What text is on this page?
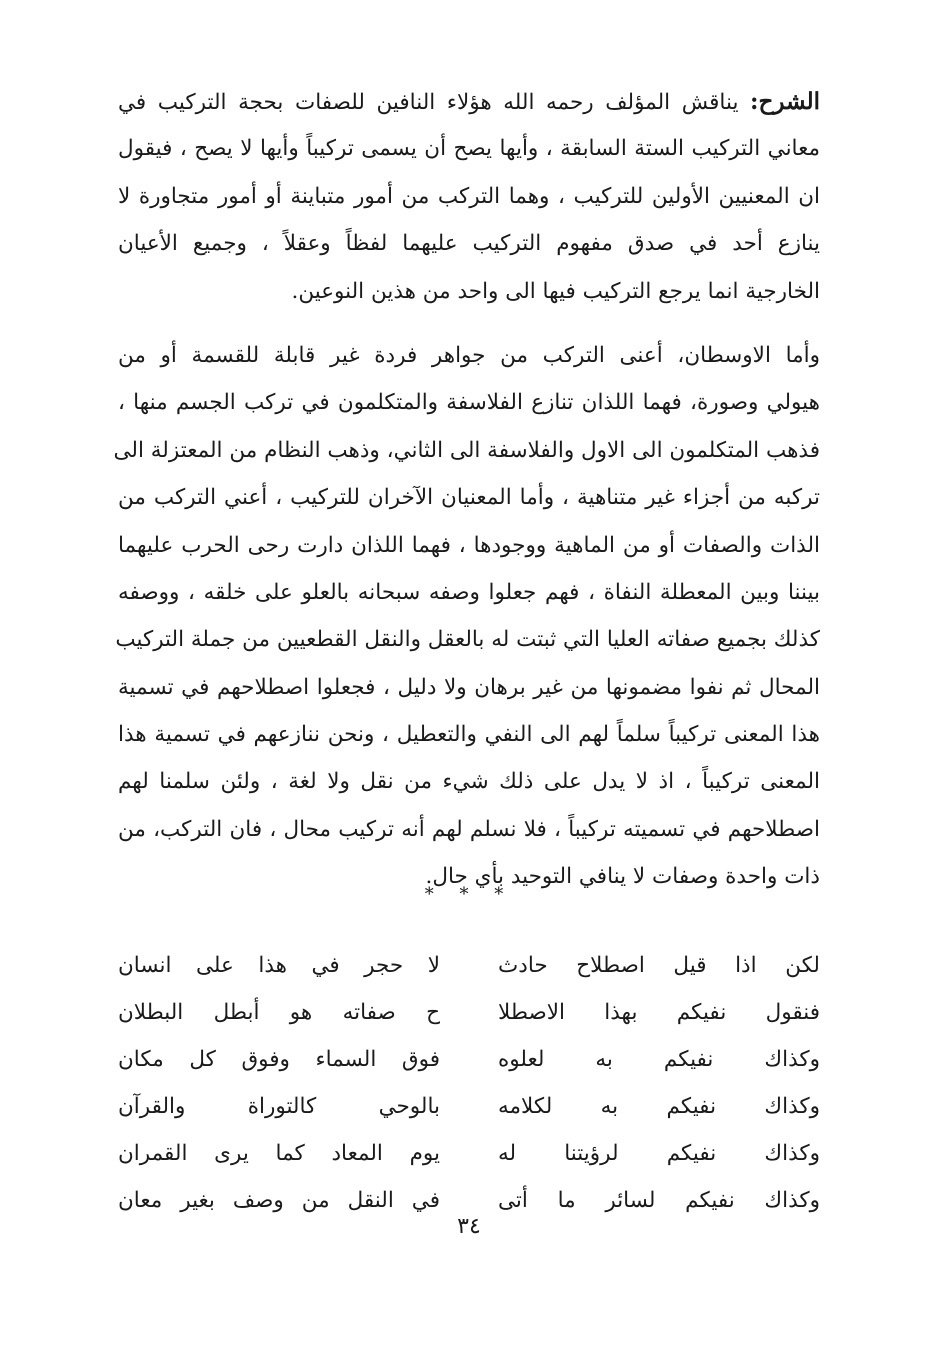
الشرح: يناقش المؤلف رحمه الله هؤلاء النافين للصفات بحجة التركيب في
معاني التركيب الستة السابقة ، وأيها يصح أن يسمى تركيباً وأيها لا يصح ، فيقول
ان المعنيين الأولين للتركيب ، وهما التركب من أمور متباينة أو أمور متجاورة لا
ينازع أحد في صدق مفهوم التركيب عليهما لفظاً وعقلاً ، وجميع الأعيان
الخارجية انما يرجع التركيب فيها الى واحد من هذين النوعين.
وأما الاوسطان، أعنى التركب من جواهر فردة غير قابلة للقسمة أو من
هيولي وصورة، فهما اللذان تنازع الفلاسفة والمتكلمون في تركب الجسم منها ،
فذهب المتكلمون الى الاول والفلاسفة الى الثاني، وذهب النظام من المعتزلة الى
تركبه من أجزاء غير متناهية ، وأما المعنيان الآخران للتركيب ، أعني التركب من
الذات والصفات أو من الماهية ووجودها ، فهما اللذان دارت رحى الحرب عليهما
بيننا وبين المعطلة النفاة ، فهم جعلوا وصفه سبحانه بالعلو على خلقه ، ووصفه
كذلك بجميع صفاته العليا التي ثبتت له بالعقل والنقل القطعيين من جملة التركيب
المحال ثم نفوا مضمونها من غير برهان ولا دليل ، فجعلوا اصطلاحهم في تسمية
هذا المعنى تركيباً سلماً لهم الى النفي والتعطيل ، ونحن ننازعهم في تسمية هذا
المعنى تركيباً ، اذ لا يدل على ذلك شيء من نقل ولا لغة ، ولئن سلمنا لهم
اصطلاحهم في تسميته تركيباً ، فلا نسلم لهم أنه تركيب محال ، فان التركب، من
ذات واحدة وصفات لا ينافي التوحيد بأي حال.
* * *
لكن اذا قيل اصطلاح حادث
لا حجر في هذا على انسان
فنقول نفيكم بهذا الاصطلا
ح صفاته هو أبطل البطلان
وكذاك نفيكم به لعلوه
فوق السماء وفوق كل مكان
وكذاك نفيكم به لكلامه
بالوحي كالتوراة والقرآن
وكذاك نفيكم لرؤيتنا له
يوم المعاد كما يرى القمران
وكذاك نفيكم لسائر ما أتى
في النقل من وصف بغير معان
٣٤
